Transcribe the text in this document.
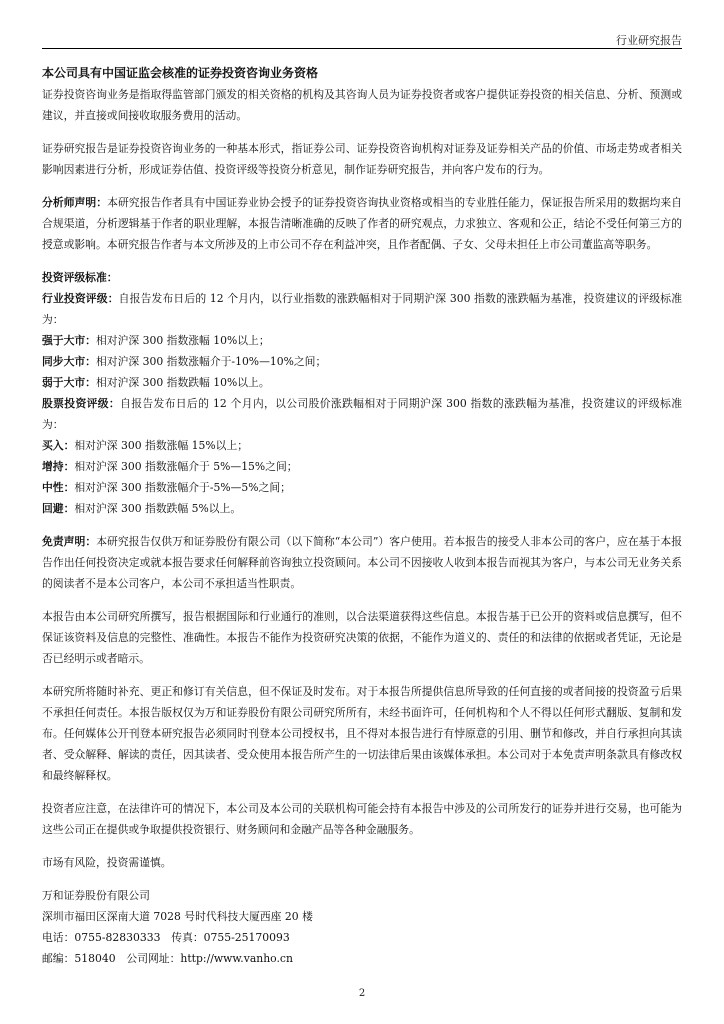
行业研究报告
本公司具有中国证监会核准的证券投资咨询业务资格

证券投资咨询业务是指取得监管部门颁发的相关资格的机构及其咨询人员为证券投资者或客户提供证券投资的相关信息、分析、预测或建议，并直接或间接收取服务费用的活动。

证券研究报告是证券投资咨询业务的一种基本形式，指证券公司、证券投资咨询机构对证券及证券相关产品的价值、市场走势或者相关影响因素进行分析，形成证券估值、投资评级等投资分析意见，制作证券研究报告，并向客户发布的行为。

分析师声明：本研究报告作者具有中国证券业协会授予的证券投资咨询执业资格或相当的专业胜任能力，保证报告所采用的数据均来自合规渠道，分析逻辑基于作者的职业理解，本报告清晰准确的反映了作者的研究观点，力求独立、客观和公正，结论不受任何第三方的授意或影响。本研究报告作者与本文所涉及的上市公司不存在利益冲突，且作者配偶、子女、父母未担任上市公司董监高等职务。

投资评级标准：

行业投资评级：自报告发布日后的 12 个月内，以行业指数的涨跌幅相对于同期沪深 300 指数的涨跌幅为基准，投资建议的评级标准为：

强于大市：相对沪深 300 指数涨幅 10%以上；
同步大市：相对沪深 300 指数涨幅介于-10%—10%之间；
弱于大市：相对沪深 300 指数跌幅 10%以上。

股票投资评级：自报告发布日后的 12 个月内，以公司股价涨跌幅相对于同期沪深 300 指数的涨跌幅为基准，投资建议的评级标准为：

买入：相对沪深 300 指数涨幅 15%以上；
增持：相对沪深 300 指数涨幅介于 5%—15%之间；
中性：相对沪深 300 指数涨幅介于-5%—5%之间；
回避：相对沪深 300 指数跌幅 5%以上。

免责声明：本研究报告仅供万和证券股份有限公司（以下简称“本公司”）客户使用。若本报告的接受人非本公司的客户，应在基于本报告作出任何投资决定或就本报告要求任何解释前咨询独立投资顾问。本公司不因接收人收到本报告而视其为客户，与本公司无业务关系的阅读者不是本公司客户，本公司不承担适当性职责。

本报告由本公司研究所撰写，报告根据国际和行业通行的准则，以合法渠道获得这些信息。本报告基于已公开的资料或信息撰写，但不保证该资料及信息的完整性、准确性。本报告不能作为投资研究决策的依据，不能作为道义的、责任的和法律的依据或者凭证，无论是否已经明示或者暗示。

本研究所将随时补充、更正和修订有关信息，但不保证及时发布。对于本报告所提供信息所导致的任何直接的或者间接的投资盈亏后果不承担任何责任。本报告版权仅为万和证券股份有限公司研究所所有，未经书面许可，任何机构和个人不得以任何形式翻版、复制和发布。任何媒体公开刊登本研究报告必须同时刊登本公司授权书，且不得对本报告进行有悖原意的引用、删节和修改，并自行承担向其读者、受众解释、解读的责任，因其读者、受众使用本报告所产生的一切法律后果由该媒体承担。本公司对于本免责声明条款具有修改权和最终解释权。

投资者应注意，在法律许可的情况下，本公司及本公司的关联机构可能会持有本报告中涉及的公司所发行的证券并进行交易，也可能为这些公司正在提供或争取提供投资银行、财务顾问和金融产品等各种金融服务。

市场有风险，投资需谨慎。

万和证券股份有限公司
深圳市福田区深南大道 7028 号时代科技大厦西座 20 楼
电话：0755-82830333　传真：0755-25170093
邮编：518040　公司网址：http://www.vanho.cn
2
